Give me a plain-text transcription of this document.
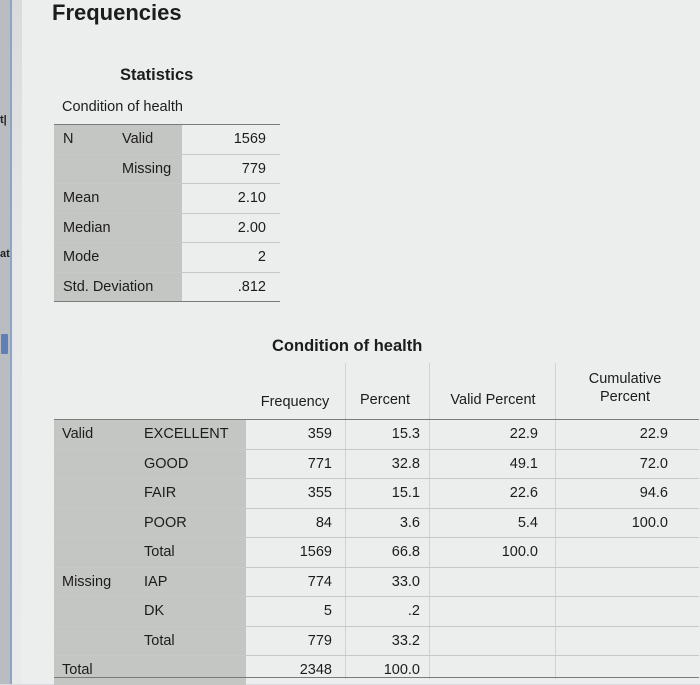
t|
at
Frequencies
Statistics
Condition of health
N	Valid	1569
Missing	779
Mean	2.10
Median	2.00
Mode	2
Std. Deviation	.812
Condition of health
Frequency	Percent	Valid Percent
Cumulative
Percent
Valid	EXCELLENT	359	15.3	22.9	22.9
GOOD	771	32.8	49.1	72.0
FAIR	355	15.1	22.6	94.6
POOR	84	3.6	5.4	100.0
Total	1569	66.8	100.0
Missing IAP	774	33.0
DK	5	.2
Total	779	33.2
Total	2348	100.0
